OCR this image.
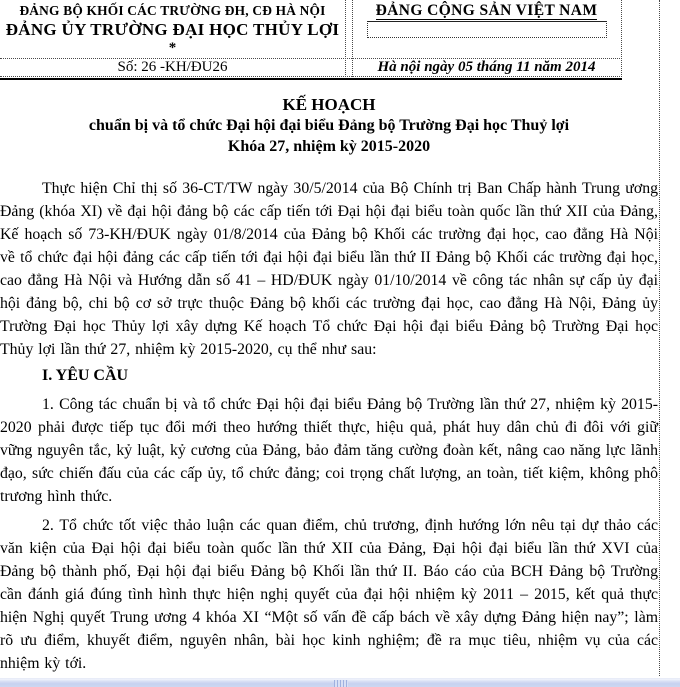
ĐẢNG BỘ KHỐI CÁC TRƯỜNG ĐH, CĐ HÀ NỘI
ĐẢNG ỦY TRƯỜNG ĐẠI HỌC THỦY LỢI
*
ĐẢNG CỘNG SẢN VIỆT NAM
Số: 26 -KH/ĐU26	Hà nội ngày 05 tháng 11 năm 2014
KẾ HOẠCH
chuẩn bị và tổ chức Đại hội đại biểu Đảng bộ Trường Đại học Thuỷ lợi
Khóa 27, nhiệm kỳ 2015-2020

Thực hiện Chỉ thị số 36-CT/TW ngày 30/5/2014 của Bộ Chính trị Ban Chấp hành Trung ương Đảng (khóa XI) về đại hội đảng bộ các cấp tiến tới Đại hội đại biểu toàn quốc lần thứ XII của Đảng, Kế hoạch số 73-KH/ĐUK ngày 01/8/2014 của Đảng bộ Khối các trường đại học, cao đẳng Hà Nội về tổ chức đại hội đảng các cấp tiến tới đại hội đại biểu lần thứ II Đảng bộ Khối các trường đại học, cao đẳng Hà Nội và Hướng dẫn số 41 – HD/ĐUK ngày 01/10/2014 về công tác nhân sự cấp ủy đại hội đảng bộ, chi bộ cơ sở trực thuộc Đảng bộ khối các trường đại học, cao đẳng Hà Nội, Đảng ủy Trường Đại học Thủy lợi xây dựng Kế hoạch Tổ chức Đại hội đại biểu Đảng bộ Trường Đại học Thủy lợi lần thứ 27, nhiệm kỳ 2015-2020, cụ thể như sau:

I. YÊU CẦU

1. Công tác chuẩn bị và tổ chức Đại hội đại biểu Đảng bộ Trường lần thứ 27, nhiệm kỳ 2015-2020 phải được tiếp tục đổi mới theo hướng thiết thực, hiệu quả, phát huy dân chủ đi đôi với giữ vững nguyên tắc, kỷ luật, kỷ cương của Đảng, bảo đảm tăng cường đoàn kết, nâng cao năng lực lãnh đạo, sức chiến đấu của các cấp ủy, tổ chức đảng; coi trọng chất lượng, an toàn, tiết kiệm, không phô trương hình thức.

2. Tổ chức tốt việc thảo luận các quan điểm, chủ trương, định hướng lớn nêu tại dự thảo các văn kiện của Đại hội đại biểu toàn quốc lần thứ XII của Đảng, Đại hội đại biểu lần thứ XVI của Đảng bộ thành phố, Đại hội đại biểu Đảng bộ Khối lần thứ II. Báo cáo của BCH Đảng bộ Trường cần đánh giá đúng tình hình thực hiện nghị quyết của đại hội nhiệm kỳ 2011 – 2015, kết quả thực hiện Nghị quyết Trung ương 4 khóa XI “Một số vấn đề cấp bách về xây dựng Đảng hiện nay”; làm rõ ưu điểm, khuyết điểm, nguyên nhân, bài học kinh nghiệm; đề ra mục tiêu, nhiệm vụ của các nhiệm kỳ tới.
